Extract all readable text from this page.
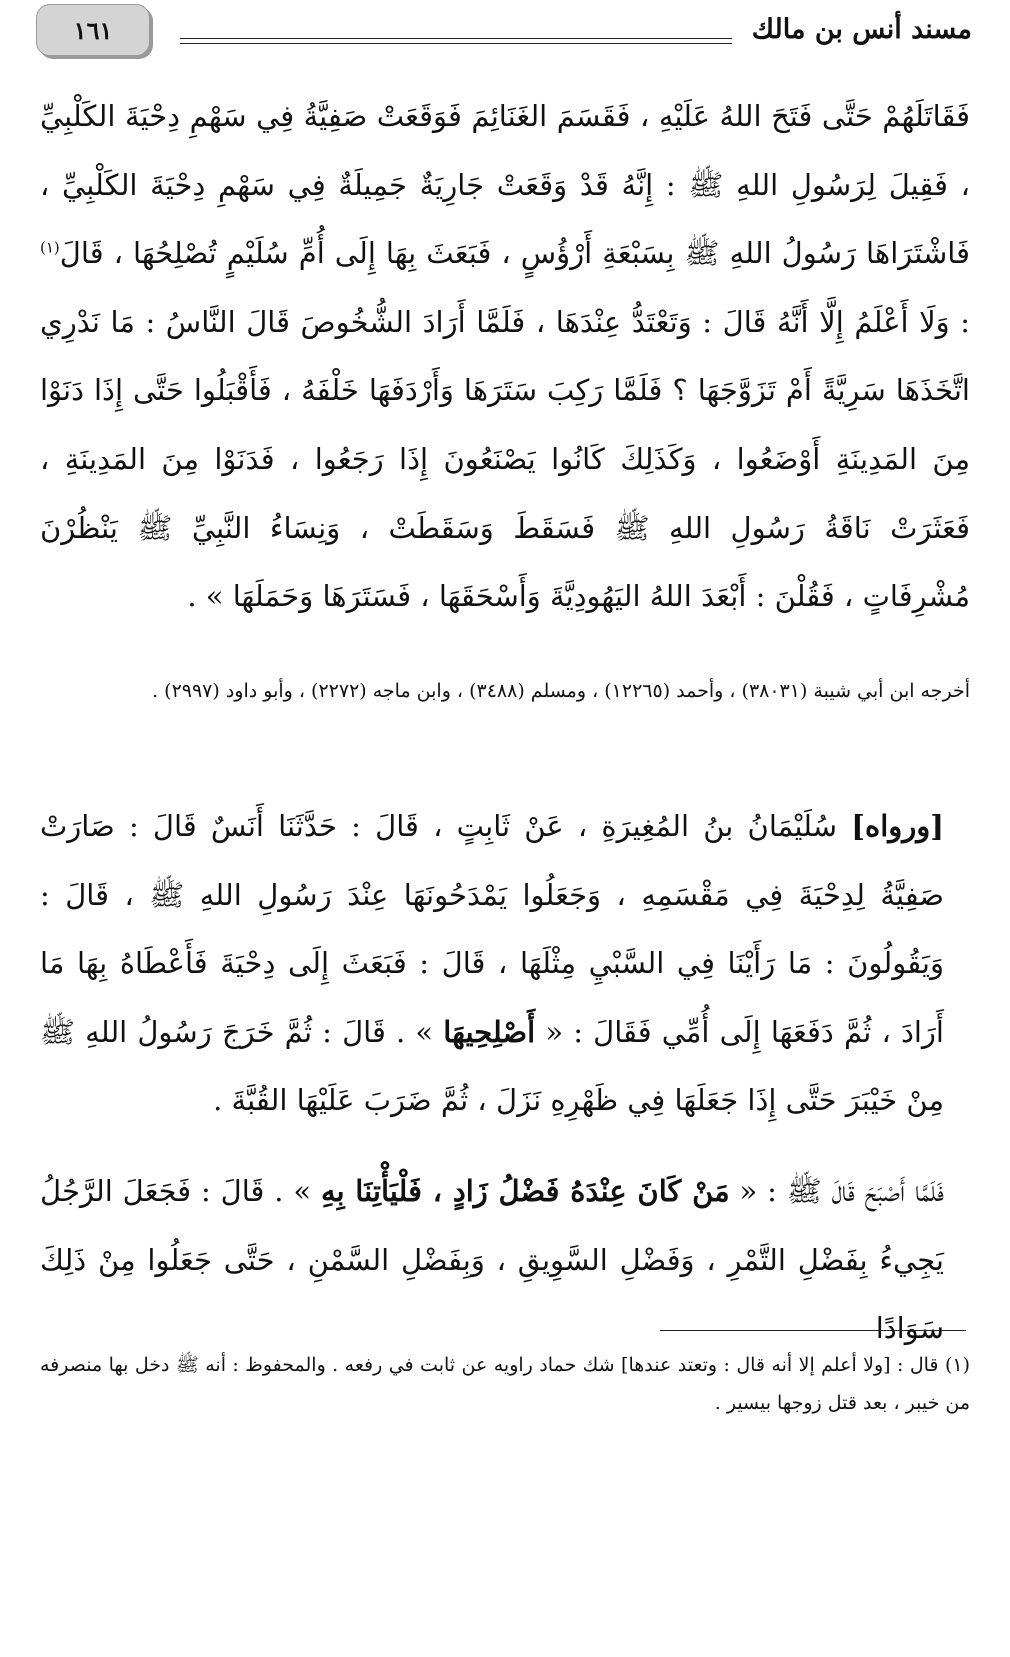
١٦١	مسند أنس بن مالك

فَقَاتَلَهُمْ حَتَّى فَتَحَ اللهُ عَلَيْهِ ، فَقَسَمَ الغَنَائِمَ فَوَقَعَتْ صَفِيَّةُ فِي سَهْمِ دِحْيَةَ الكَلْبِيِّ ، فَقِيلَ لِرَسُولِ اللهِ ﷺ : إِنَّهُ قَدْ وَقَعَتْ جَارِيَةٌ جَمِيلَةٌ فِي سَهْمِ دِحْيَةَ الكَلْبِيِّ ، فَاشْتَرَاهَا رَسُولُ اللهِ ﷺ بِسَبْعَةِ أَرْؤُسٍ ، فَبَعَثَ بِهَا إِلَى أُمِّ سُلَيْمٍ تُصْلِحُهَا ، قَالَ$^{(١)}$ : وَلَا أَعْلَمُ إِلَّا أَنَّهُ قَالَ : وَتَعْتَدُّ عِنْدَهَا ، فَلَمَّا أَرَادَ الشُّخُوصَ قَالَ النَّاسُ : مَا نَدْرِي اتَّخَذَهَا سَرِيَّةً أَمْ تَزَوَّجَهَا ؟ فَلَمَّا رَكِبَ سَتَرَهَا وَأَرْدَفَهَا خَلْفَهُ ، فَأَقْبَلُوا حَتَّى إِذَا دَنَوْا مِنَ المَدِينَةِ أَوْضَعُوا ، وَكَذَلِكَ كَانُوا يَصْنَعُونَ إِذَا رَجَعُوا ، فَدَنَوْا مِنَ المَدِينَةِ ، فَعَثَرَتْ نَاقَةُ رَسُولِ اللهِ ﷺ فَسَقَطَ وَسَقَطَتْ ، وَنِسَاءُ النَّبِيِّ ﷺ يَنْظُرْنَ مُشْرِفَاتٍ ، فَقُلْنَ : أَبْعَدَ اللهُ اليَهُودِيَّةَ وَأَسْحَقَهَا ، فَسَتَرَهَا وَحَمَلَهَا » .

أخرجه ابن أبي شيبة (٣٨٠٣١) ، وأحمد (١٢٢٦٥) ، ومسلم (٣٤٨٨) ، وابن ماجه (٢٢٧٢) ، وأبو داود (٢٩٩٧) .

[ورواه] سُلَيْمَانُ بنُ المُغِيرَةِ ، عَنْ ثَابِتٍ ، قَالَ : حَدَّثَنَا أَنَسٌ قَالَ : صَارَتْ صَفِيَّةُ لِدِحْيَةَ فِي مَقْسَمِهِ ، وَجَعَلُوا يَمْدَحُونَهَا عِنْدَ رَسُولِ اللهِ ﷺ ، قَالَ : وَيَقُولُونَ : مَا رَأَيْنَا فِي السَّبْيِ مِثْلَهَا ، قَالَ : فَبَعَثَ إِلَى دِحْيَةَ فَأَعْطَاهُ بِهَا مَا أَرَادَ ، ثُمَّ دَفَعَهَا إِلَى أُمِّي فَقَالَ : « أَصْلِحِيهَا » . قَالَ : ثُمَّ خَرَجَ رَسُولُ اللهِ ﷺ مِنْ خَيْبَرَ حَتَّى إِذَا جَعَلَهَا فِي ظَهْرِهِ نَزَلَ ، ثُمَّ ضَرَبَ عَلَيْهَا القُبَّةَ .

فَلَمَّا أَصْبَحَ قَالَ ﷺ : « مَنْ كَانَ عِنْدَهُ فَضْلُ زَادٍ ، فَلْيَأْتِنَا بِهِ » . قَالَ : فَجَعَلَ الرَّجُلُ يَجِيءُ بِفَضْلِ التَّمْرِ ، وَفَضْلِ السَّوِيقِ ، وَبِفَضْلِ السَّمْنِ ، حَتَّى جَعَلُوا مِنْ ذَلِكَ سَوَادًا

(١) قال : [ولا أعلم إلا أنه قال : وتعتد عندها] شك حماد راويه عن ثابت في رفعه . والمحفوظ : أنه ﷺ دخل بها منصرفه من خيبر ، بعد قتل زوجها بيسير .
